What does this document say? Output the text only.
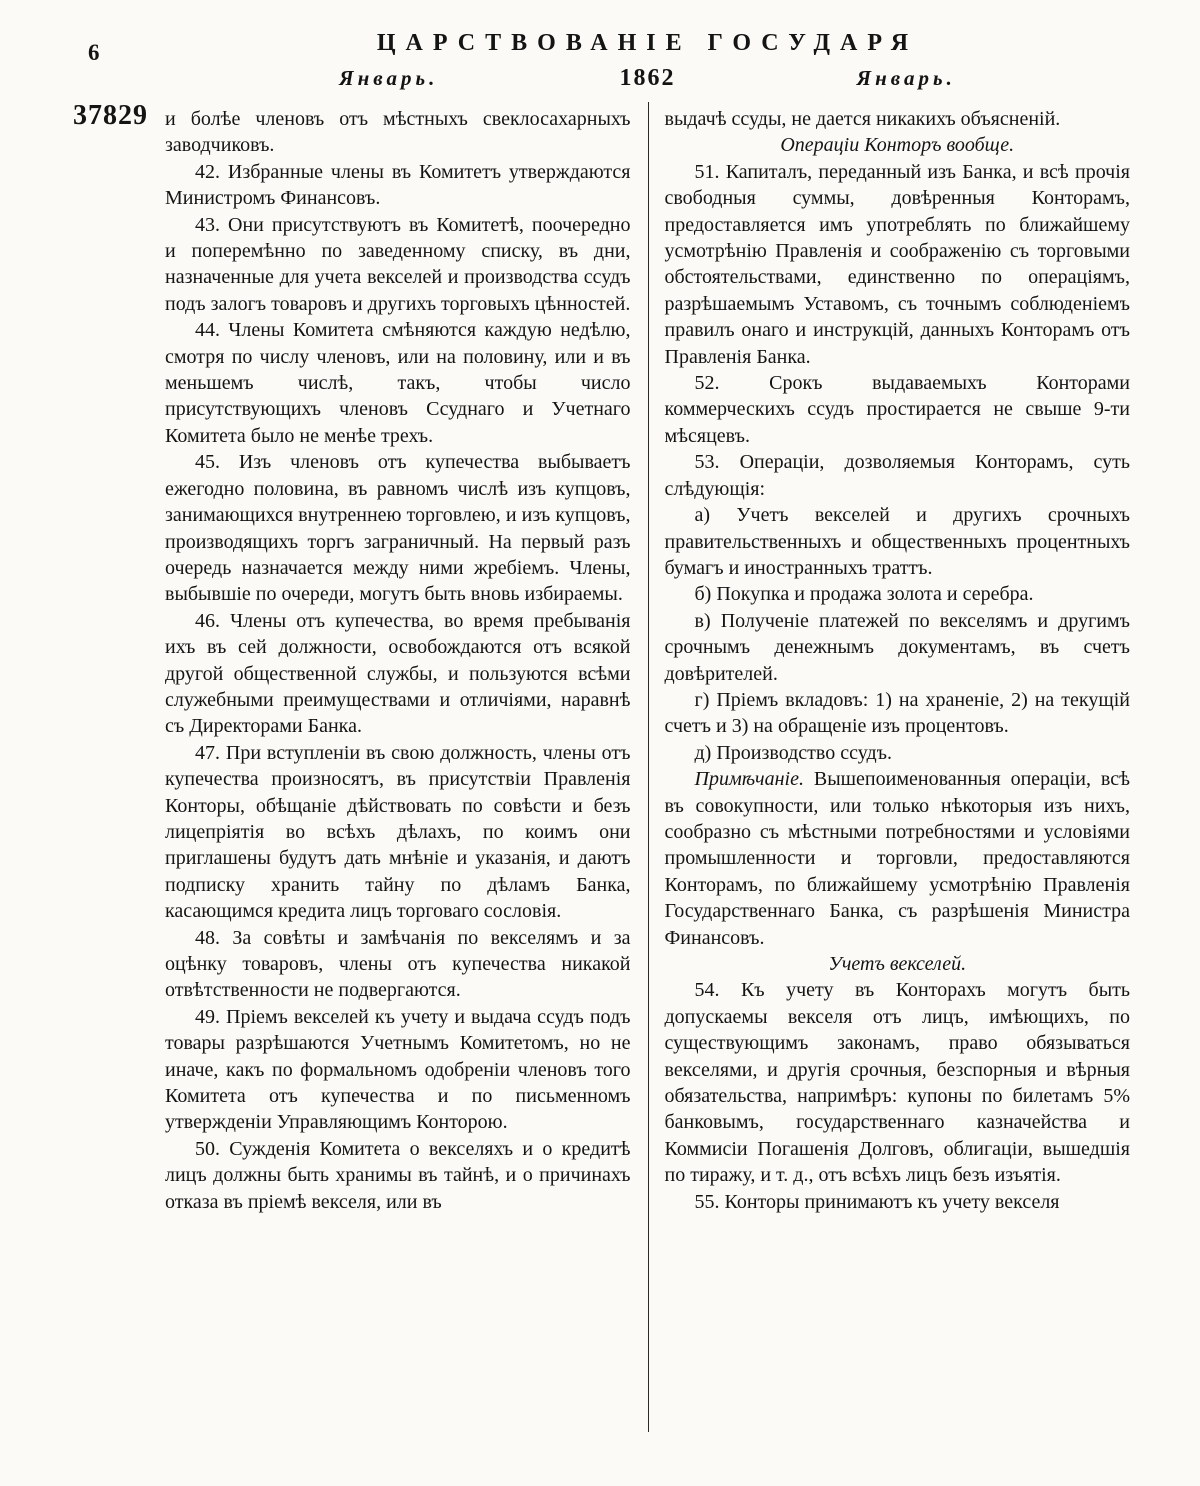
6	ЦАРСТВОВАНІЕ ГОСУДАРЯ
Январь.	1862	Январь.
37829 и болѣе членовъ отъ мѣстныхъ свеклосахарныхъ заводчиковъ.

42. Избранные члены въ Комитетъ утверждаются Министромъ Финансовъ.

43. Они присутствуютъ въ Комитетѣ, поочередно и поперемѣнно по заведенному списку, въ дни, назначенные для учета векселей и производства ссудъ подъ залогъ товаровъ и другихъ торговыхъ цѣнностей.

44. Члены Комитета смѣняются каждую недѣлю, смотря по числу членовъ, или на половину, или и въ меньшемъ числѣ, такъ, чтобы число присутствующихъ членовъ Ссуднаго и Учетнаго Комитета было не менѣе трехъ.

45. Изъ членовъ отъ купечества выбываетъ ежегодно половина, въ равномъ числѣ изъ купцовъ, занимающихся внутреннею торговлею, и изъ купцовъ, производящихъ торгъ заграничный. На первый разъ очередь назначается между ними жребіемъ. Члены, выбывшіе по очереди, могутъ быть вновь избираемы.

46. Члены отъ купечества, во время пребыванія ихъ въ сей должности, освобождаются отъ всякой другой общественной службы, и пользуются всѣми служебными преимуществами и отличіями, наравнѣ съ Директорами Банка.

47. При вступленіи въ свою должность, члены отъ купечества произносятъ, въ присутствіи Правленія Конторы, обѣщаніе дѣйствовать по совѣсти и безъ лицепріятія во всѣхъ дѣлахъ, по коимъ они приглашены будутъ дать мнѣніе и указанія, и даютъ подписку хранить тайну по дѣламъ Банка, касающимся кредита лицъ торговаго сословія.

48. За совѣты и замѣчанія по векселямъ и за оцѣнку товаровъ, члены отъ купечества никакой отвѣтственности не подвергаются.

49. Пріемъ векселей къ учету и выдача ссудъ подъ товары разрѣшаются Учетнымъ Комитетомъ, но не иначе, какъ по формальномъ одобреніи членовъ того Комитета отъ купечества и по письменномъ утвержденіи Управляющимъ Конторою.

50. Сужденія Комитета о векселяхъ и о кредитѣ лицъ должны быть хранимы въ тайнѣ, и о причинахъ отказа въ пріемѣ векселя, или въ

выдачѣ ссуды, не дается никакихъ объясненій.

Операціи Конторъ вообще.

51. Капиталъ, переданный изъ Банка, и всѣ прочія свободныя суммы, довѣренныя Конторамъ, предоставляется имъ употреблять по ближайшему усмотрѣнію Правленія и соображенію съ торговыми обстоятельствами, единственно по операціямъ, разрѣшаемымъ Уставомъ, съ точнымъ соблюденіемъ правилъ онаго и инструкцій, данныхъ Конторамъ отъ Правленія Банка.

52. Срокъ выдаваемыхъ Конторами коммерческихъ ссудъ простирается не свыше 9-ти мѣсяцевъ.

53. Операціи, дозволяемыя Конторамъ, суть слѣдующія:

а) Учетъ векселей и другихъ срочныхъ правительственныхъ и общественныхъ процентныхъ бумагъ и иностранныхъ траттъ.

б) Покупка и продажа золота и серебра.

в) Полученіе платежей по векселямъ и другимъ срочнымъ денежнымъ документамъ, въ счетъ довѣрителей.

г) Пріемъ вкладовъ: 1) на храненіе, 2) на текущій счетъ и 3) на обращеніе изъ процентовъ.

д) Производство ссудъ.

Примѣчаніе. Вышепоименованныя операціи, всѣ въ совокупности, или только нѣкоторыя изъ нихъ, сообразно съ мѣстными потребностями и условіями промышленности и торговли, предоставляются Конторамъ, по ближайшему усмотрѣнію Правленія Государственнаго Банка, съ разрѣшенія Министра Финансовъ.

Учетъ векселей.

54. Къ учету въ Конторахъ могутъ быть допускаемы векселя отъ лицъ, имѣющихъ, по существующимъ законамъ, право обязываться векселями, и другія срочныя, безспорныя и вѣрныя обязательства, напримѣръ: купоны по билетамъ 5% банковымъ, государственнаго казначейства и Коммисіи Погашенія Долговъ, облигаціи, вышедшія по тиражу, и т. д., отъ всѣхъ лицъ безъ изъятія.

55. Конторы принимаютъ къ учету векселя
